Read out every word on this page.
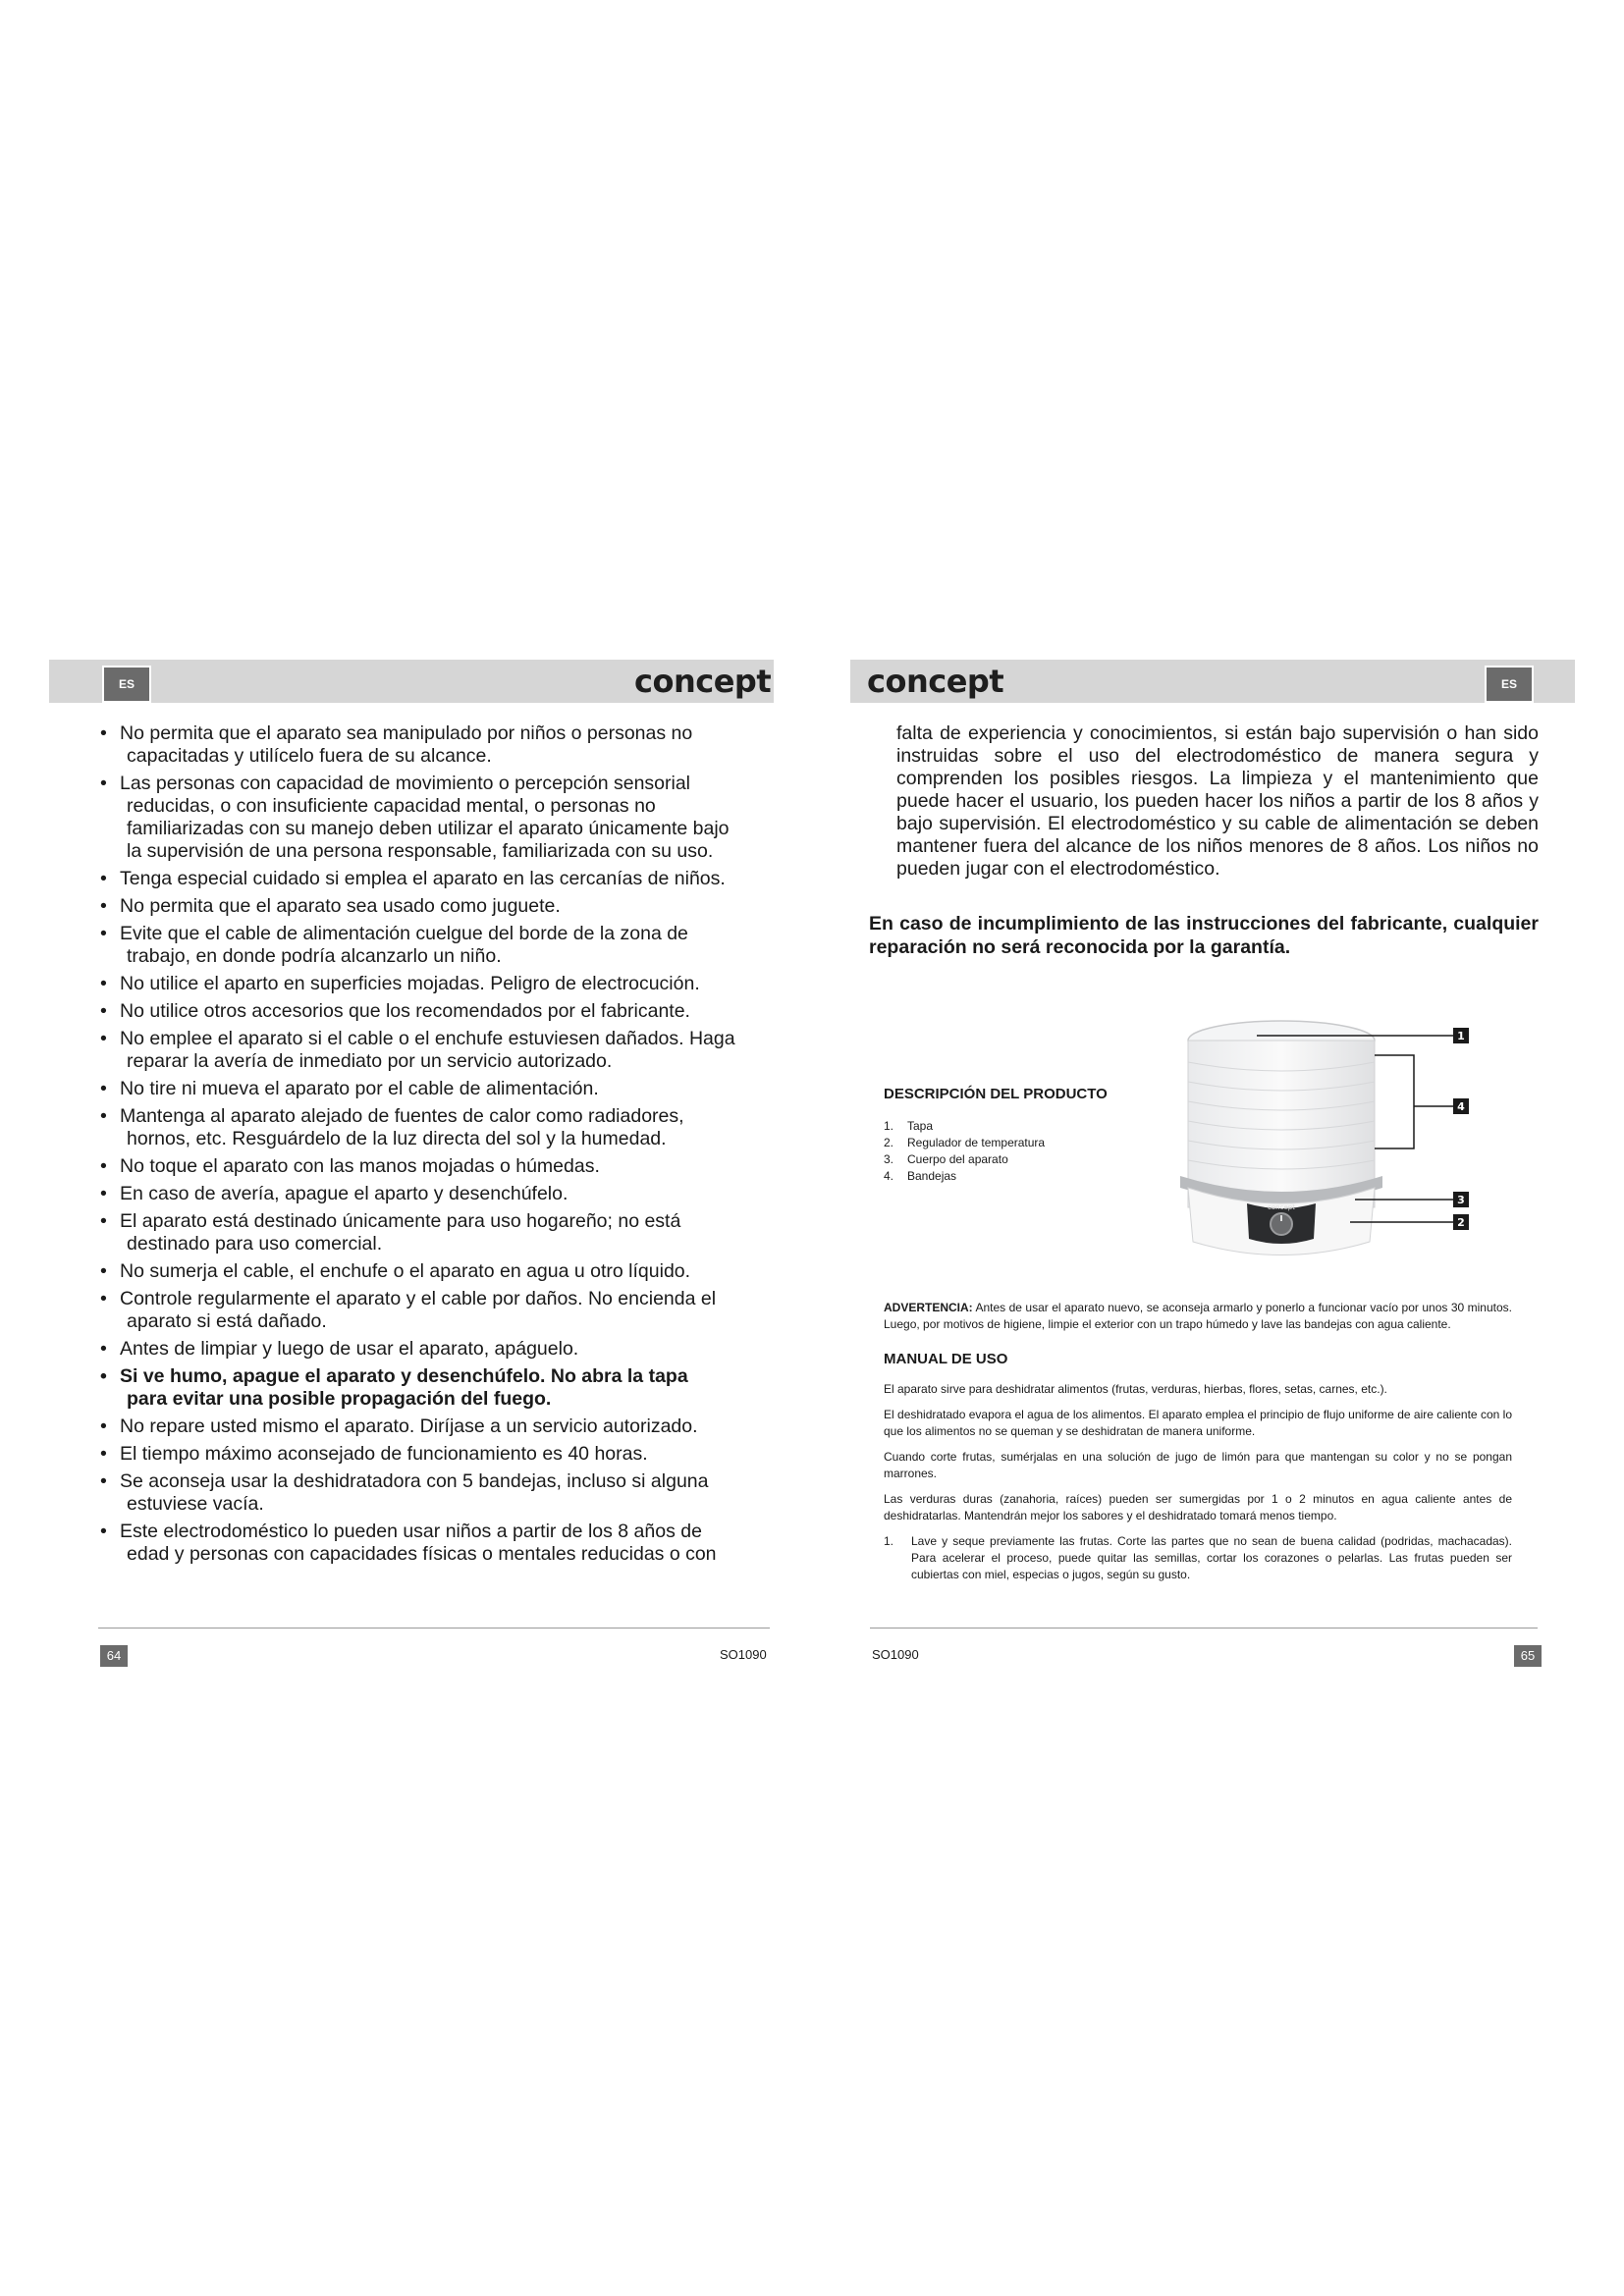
ES	concept	concept	ES
• No permita que el aparato sea manipulado por niños o personas no
capacitadas y utilícelo fuera de su alcance.
• Las personas con capacidad de movimiento o percepción sensorial
reducidas, o con insuficiente capacidad mental, o personas no
familiarizadas con su manejo deben utilizar el aparato únicamente bajo
la supervisión de una persona responsable, familiarizada con su uso.
• Tenga especial cuidado si emplea el aparato en las cercanías de niños.
• No permita que el aparato sea usado como juguete.
• Evite que el cable de alimentación cuelgue del borde de la zona de
trabajo, en donde podría alcanzarlo un niño.
• No utilice el aparto en superficies mojadas. Peligro de electrocución.
• No utilice otros accesorios que los recomendados por el fabricante.
• No emplee el aparato si el cable o el enchufe estuviesen dañados. Haga
reparar la avería de inmediato por un servicio autorizado.
• No tire ni mueva el aparato por el cable de alimentación.
• Mantenga al aparato alejado de fuentes de calor como radiadores,
hornos, etc. Resguárdelo de la luz directa del sol y la humedad.
• No toque el aparato con las manos mojadas o húmedas.
• En caso de avería, apague el aparto y desenchúfelo.
• El aparato está destinado únicamente para uso hogareño; no está
destinado para uso comercial.
• No sumerja el cable, el enchufe o el aparato en agua u otro líquido.
• Controle regularmente el aparato y el cable por daños. No encienda el
aparato si está dañado.
• Antes de limpiar y luego de usar el aparato, apáguelo.
• Si ve humo, apague el aparato y desenchúfelo. No abra la tapa
para evitar una posible propagación del fuego.
• No repare usted mismo el aparato. Diríjase a un servicio autorizado.
• El tiempo máximo aconsejado de funcionamiento es 40 horas.
• Se aconseja usar la deshidratadora con 5 bandejas, incluso si alguna
estuviese vacía.
• Este electrodoméstico lo pueden usar niños a partir de los 8 años de
edad y personas con capacidades físicas o mentales reducidas o con

falta de experiencia y conocimientos, si están bajo supervisión o han sido instruidas sobre el uso del electrodoméstico de manera segura y comprenden los posibles riesgos. La limpieza y el mantenimiento que puede hacer el usuario, los pueden hacer los niños a partir de los 8 años y bajo supervisión. El electrodoméstico y su cable de alimentación se deben mantener fuera del alcance de los niños menores de 8 años. Los niños no pueden jugar con el electrodoméstico.

En caso de incumplimiento de las instrucciones del fabricante, cualquier reparación no será reconocida por la garantía.

DESCRIPCIÓN DEL PRODUCTO
1. Tapa
2. Regulador de temperatura
3. Cuerpo del aparato
4. Bandejas
concept
1
4
3
2

ADVERTENCIA: Antes de usar el aparato nuevo, se aconseja armarlo y ponerlo a funcionar vacío por unos 30 minutos. Luego, por motivos de higiene, limpie el exterior con un trapo húmedo y lave las bandejas con agua caliente.

MANUAL DE USO

El aparato sirve para deshidratar alimentos (frutas, verduras, hierbas, flores, setas, carnes, etc.).

El deshidratado evapora el agua de los alimentos. El aparato emplea el principio de flujo uniforme de aire caliente con lo que los alimentos no se queman y se deshidratan de manera uniforme.

Cuando corte frutas, sumérjalas en una solución de jugo de limón para que mantengan su color y no se pongan marrones.

Las verduras duras (zanahoria, raíces) pueden ser sumergidas por 1 o 2 minutos en agua caliente antes de deshidratarlas. Mantendrán mejor los sabores y el deshidratado tomará menos tiempo.

1. Lave y seque previamente las frutas. Corte las partes que no sean de buena calidad (podridas, machacadas). Para acelerar el proceso, puede quitar las semillas, cortar los corazones o pelarlas. Las frutas pueden ser cubiertas con miel, especias o jugos, según su gusto.
64	SO1090	SO1090	65
